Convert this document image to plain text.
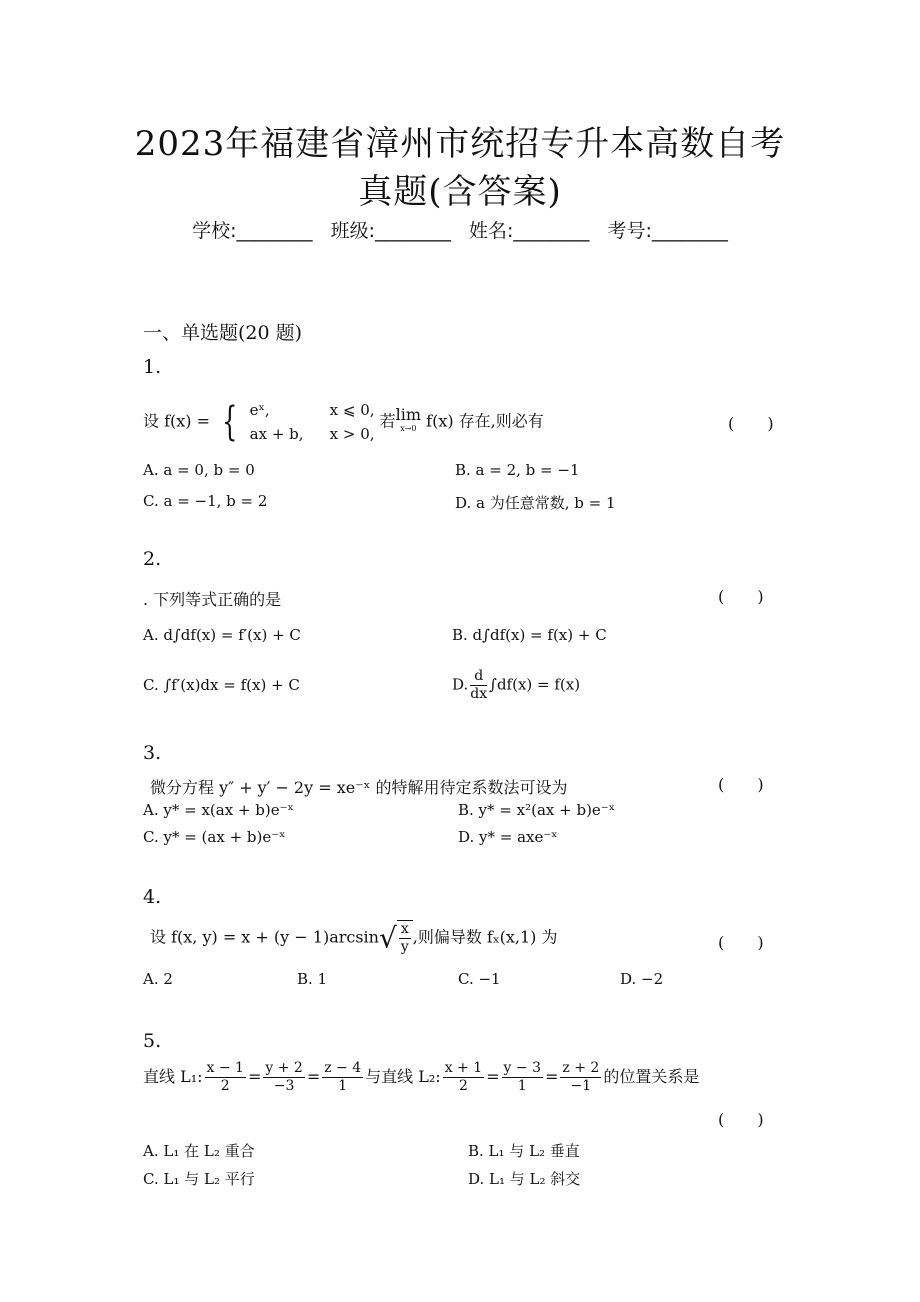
2023年福建省漳州市统招专升本高数自考
真题(含答案)
学校:________ 班级:________ 姓名:________ 考号:________
一、单选题(20 题)
1.
设 f(x) = { eˣ,	x ⩽ 0,
ax + b, x > 0,
若lim
x→0 f(x) 存在,则必有	( )
A. a = 0, b = 0	B. a = 2, b = −1
C. a = −1, b = 2	D. a 为任意常数, b = 1
2.
. 下列等式正确的是	( )
A. d∫df(x) = f′(x) + C	B. d∫df(x) = f(x) + C
C. ∫f′(x)dx = f(x) + C	D. $\frac{d}{dx} \int df(x) = f(x)$
3.
微分方程 y″ + y′ − 2y = xe⁻ˣ 的特解用待定系数法可设为	( )
A. y* = x(ax + b)e⁻ˣ	B. y* = x²(ax + b)e⁻ˣ
C. y* = (ax + b)e⁻ˣ	D. y* = axe⁻ˣ
4.
设 f(x, $y) = x + (y - 1)\arcsin√ \frac{x}{y}$ ,则偏导数 fₓ(x,1) 为	( )
A. 2	B. 1	C. −1	D. −2
5.
直线 L₁: $\frac{x - 1}{2} = \frac{y + 2}{-3} = \frac{z - 4}{1}$ 与直线 L₂: $\frac{x + 1}{2} = \frac{y - 3}{1} = \frac{z + 2}{-1}$ 的位置关系是
( )
A. L₁ 在 L₂ 重合	B. L₁ 与 L₂ 垂直
C. L₁ 与 L₂ 平行	D. L₁ 与 L₂ 斜交
